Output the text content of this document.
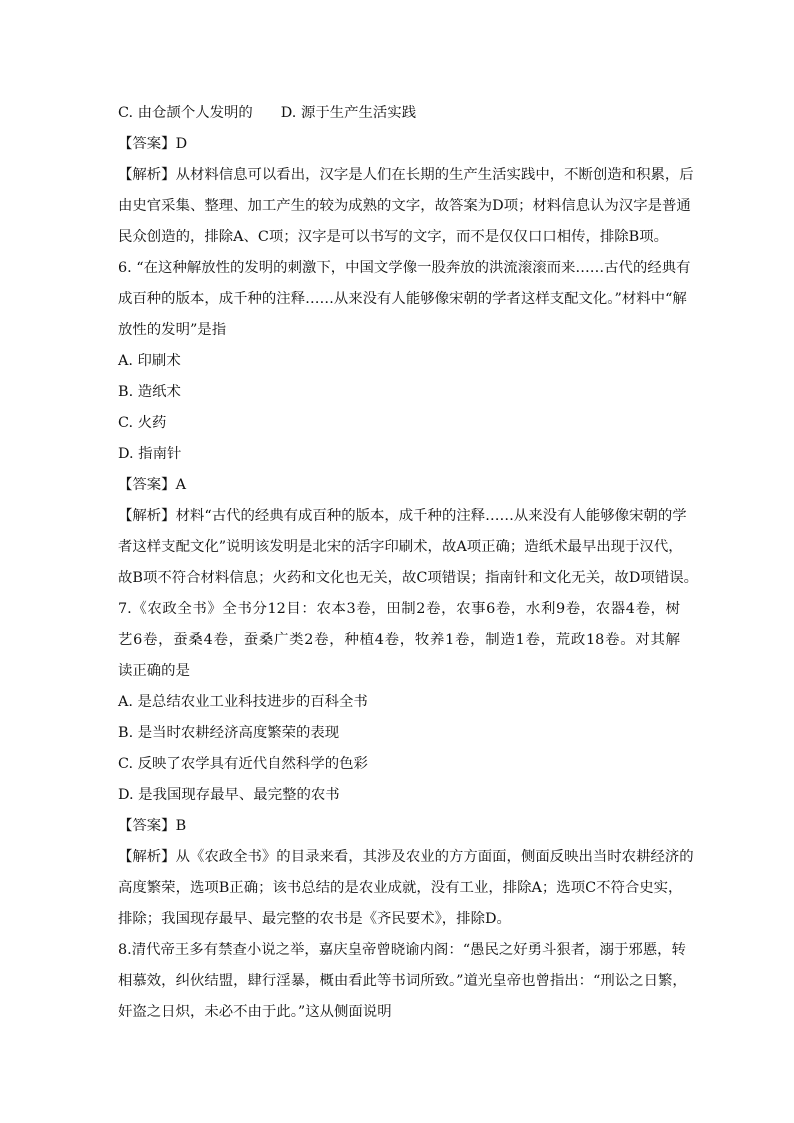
C. 由仓颉个人发明的 D. 源于生产生活实践
【答案】D
【解析】从材料信息可以看出，汉字是人们在长期的生产生活实践中，不断创造和积累，后
由史官采集、整理、加工产生的较为成熟的文字，故答案为D项；材料信息认为汉字是普通
民众创造的，排除A、C项；汉字是可以书写的文字，而不是仅仅口口相传，排除B项。
6. “在这种解放性的发明的刺激下，中国文学像一股奔放的洪流滚滚而来……古代的经典有
成百种的版本，成千种的注释……从来没有人能够像宋朝的学者这样支配文化。”材料中“解
放性的发明”是指
A. 印刷术
B. 造纸术
C. 火药
D. 指南针
【答案】A
【解析】材料“古代的经典有成百种的版本，成千种的注释……从来没有人能够像宋朝的学
者这样支配文化”说明该发明是北宋的活字印刷术，故A项正确；造纸术最早出现于汉代，
故B项不符合材料信息；火药和文化也无关，故C项错误；指南针和文化无关，故D项错误。
7.《农政全书》全书分12目：农本3卷，田制2卷，农事6卷，水利9卷，农器4卷，树
艺6卷，蚕桑4卷，蚕桑广类2卷，种植4卷，牧养1卷，制造1卷，荒政18卷。对其解
读正确的是
A. 是总结农业工业科技进步的百科全书
B. 是当时农耕经济高度繁荣的表现
C. 反映了农学具有近代自然科学的色彩
D. 是我国现存最早、最完整的农书
【答案】B
【解析】从《农政全书》的目录来看，其涉及农业的方方面面，侧面反映出当时农耕经济的
高度繁荣，选项B正确；该书总结的是农业成就，没有工业，排除A；选项C不符合史实，
排除；我国现存最早、最完整的农书是《齐民要术》，排除D。
8.清代帝王多有禁查小说之举，嘉庆皇帝曾晓谕内阁：“愚民之好勇斗狠者，溺于邪慝，转
相慕效，纠伙结盟，肆行淫暴，概由看此等书词所致。”道光皇帝也曾指出：“刑讼之日繁，
奸盗之日炽，未必不由于此。”这从侧面说明
